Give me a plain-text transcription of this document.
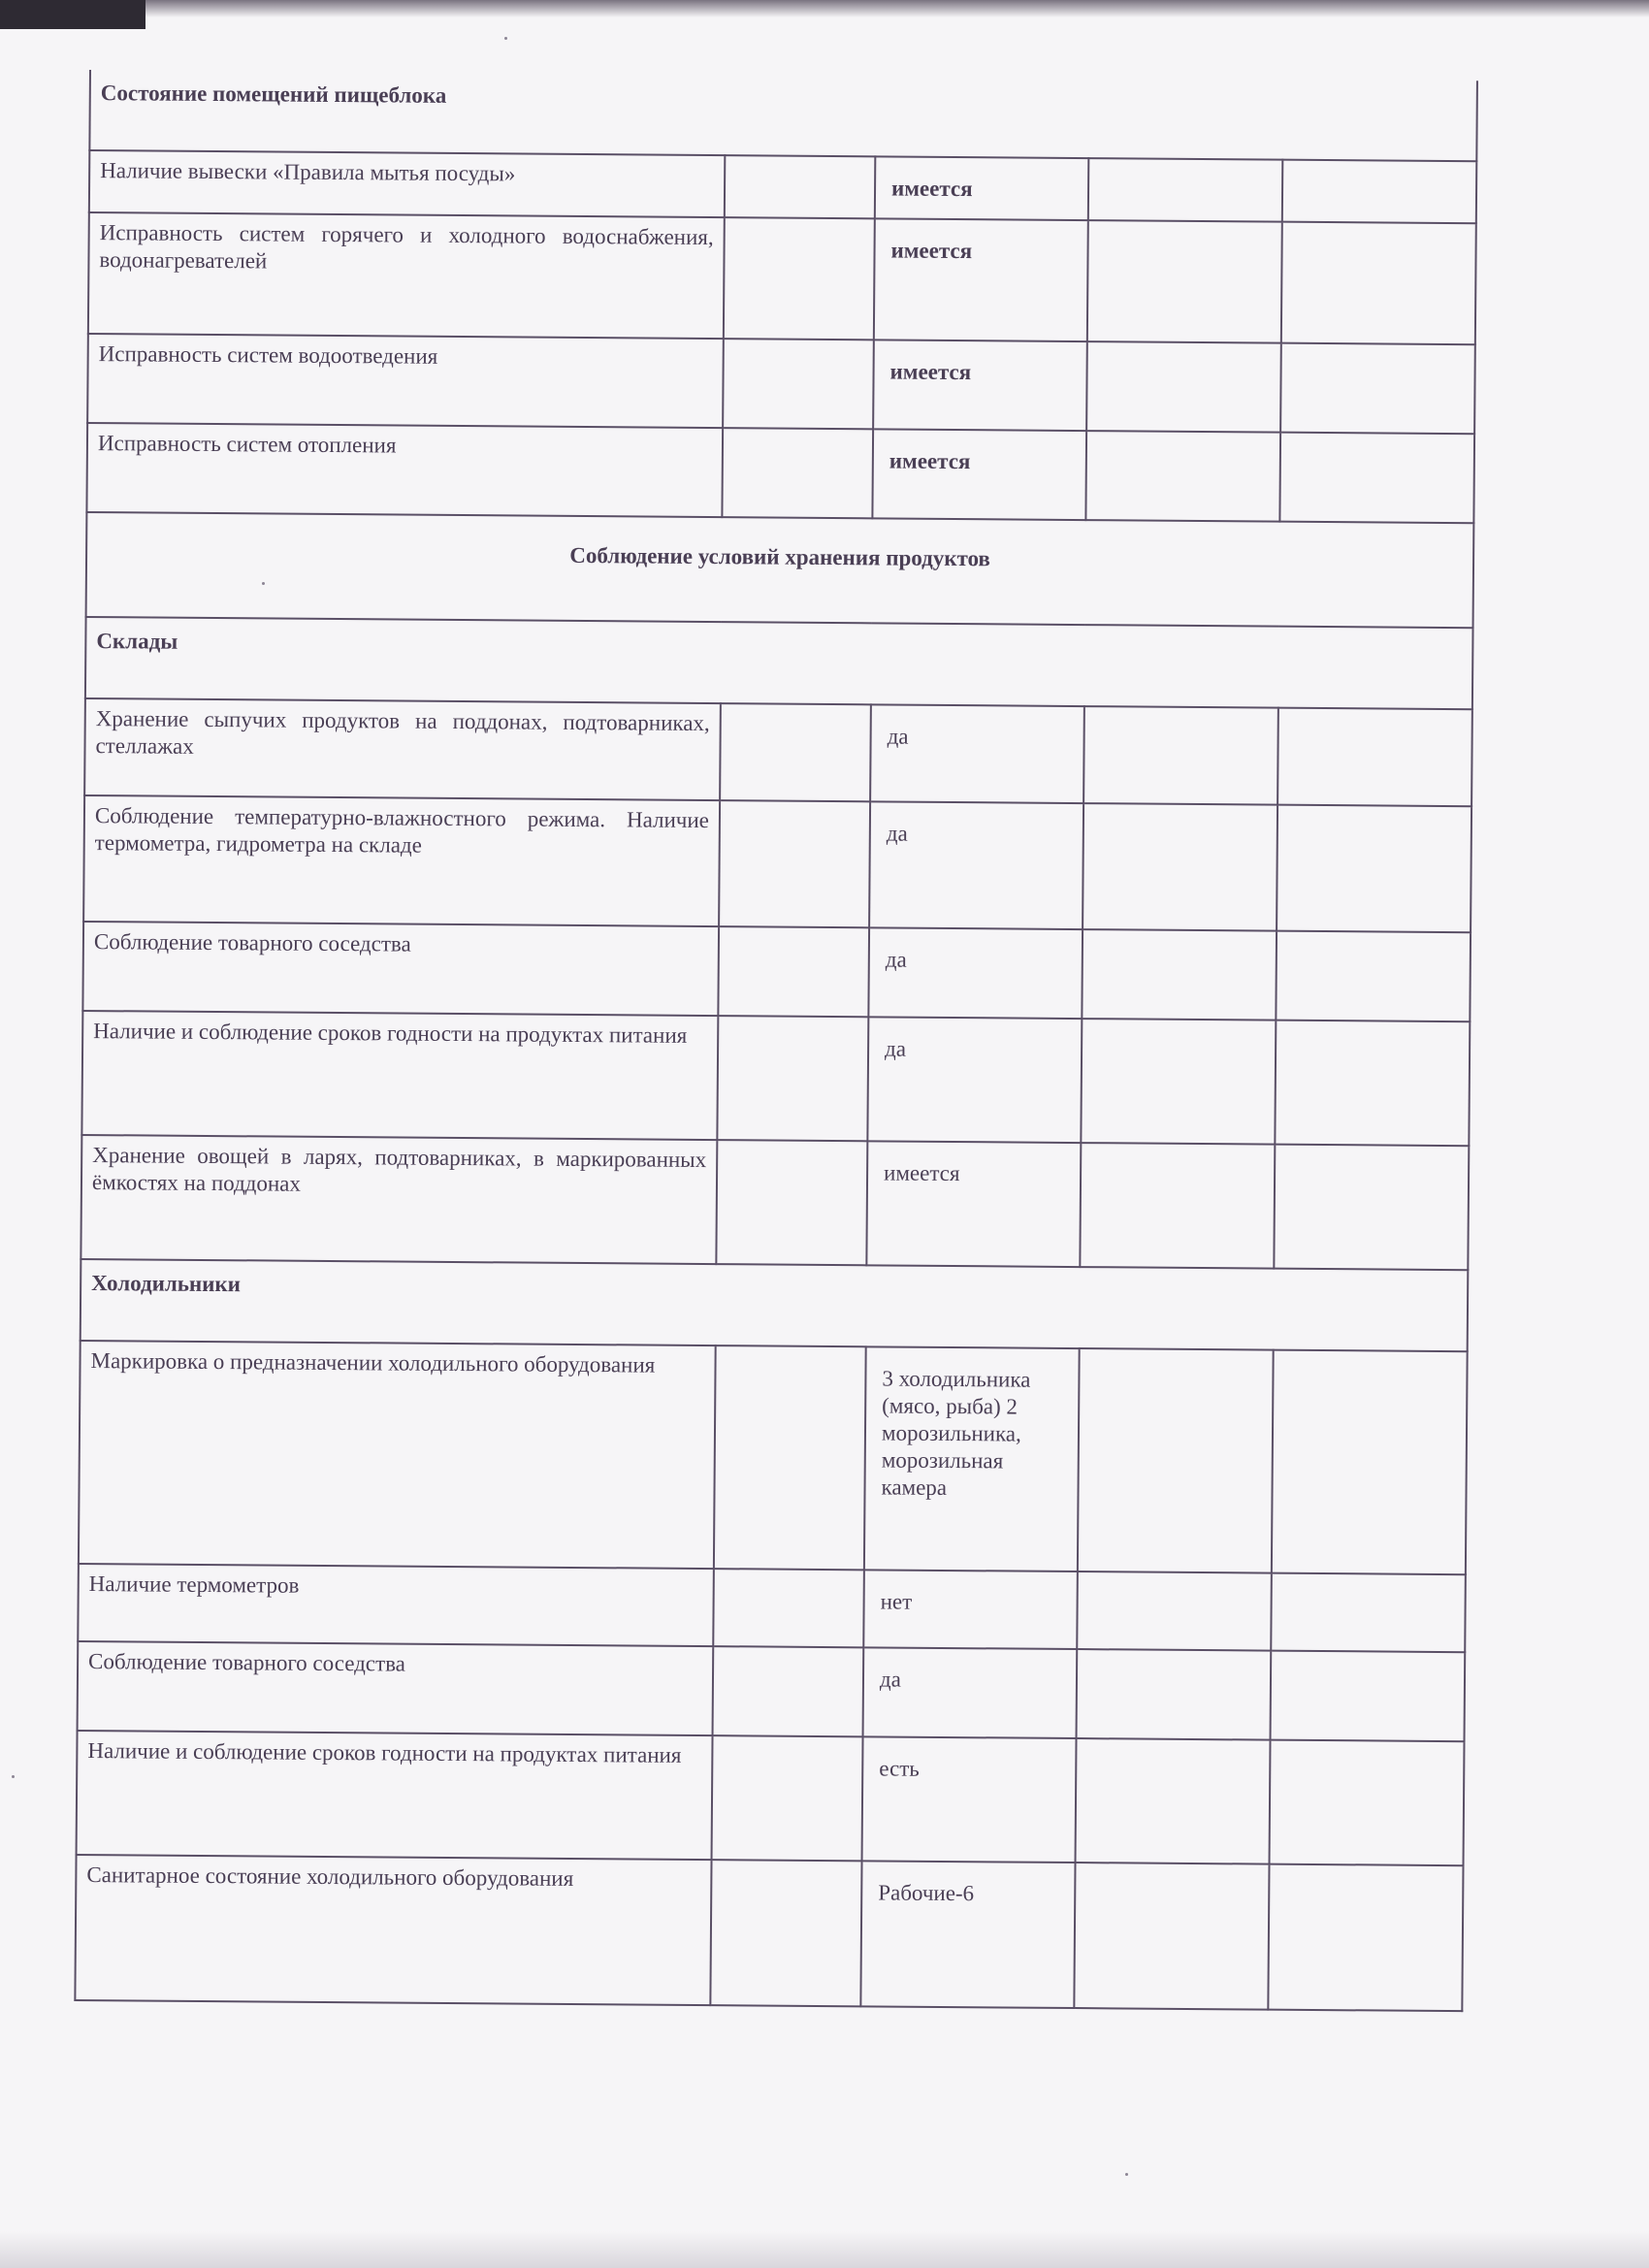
Состояние помещений пищеблока				
Наличие вывески «Правила мытья посуды»		имеется		
Исправность систем горячего и холодного водоснабжения, водонагревателей		имеется		
Исправность систем водоотведения		имеется		
Исправность систем отопления		имеется		
Соблюдение условий хранения продуктов				
Склады				
Хранение сыпучих продуктов на поддонах, подтоварниках, стеллажах		да		
Соблюдение температурно-влажностного режима. Наличие термометра, гидрометра на складе		да		
Соблюдение товарного соседства		да		
Наличие и соблюдение сроков годности на продуктах питания		да		
Хранение овощей в ларях, подтоварниках, в маркированных ёмкостях на поддонах		имеется		
Холодильники				
Маркировка о предназначении холодильного оборудования		3 холодильника (мясо, рыба) 2 морозильника, морозильная камера		
Наличие термометров		нет		
Соблюдение товарного соседства		да		
Наличие и соблюдение сроков годности на продуктах питания		есть		
Санитарное состояние холодильного оборудования		Рабочие-6		
